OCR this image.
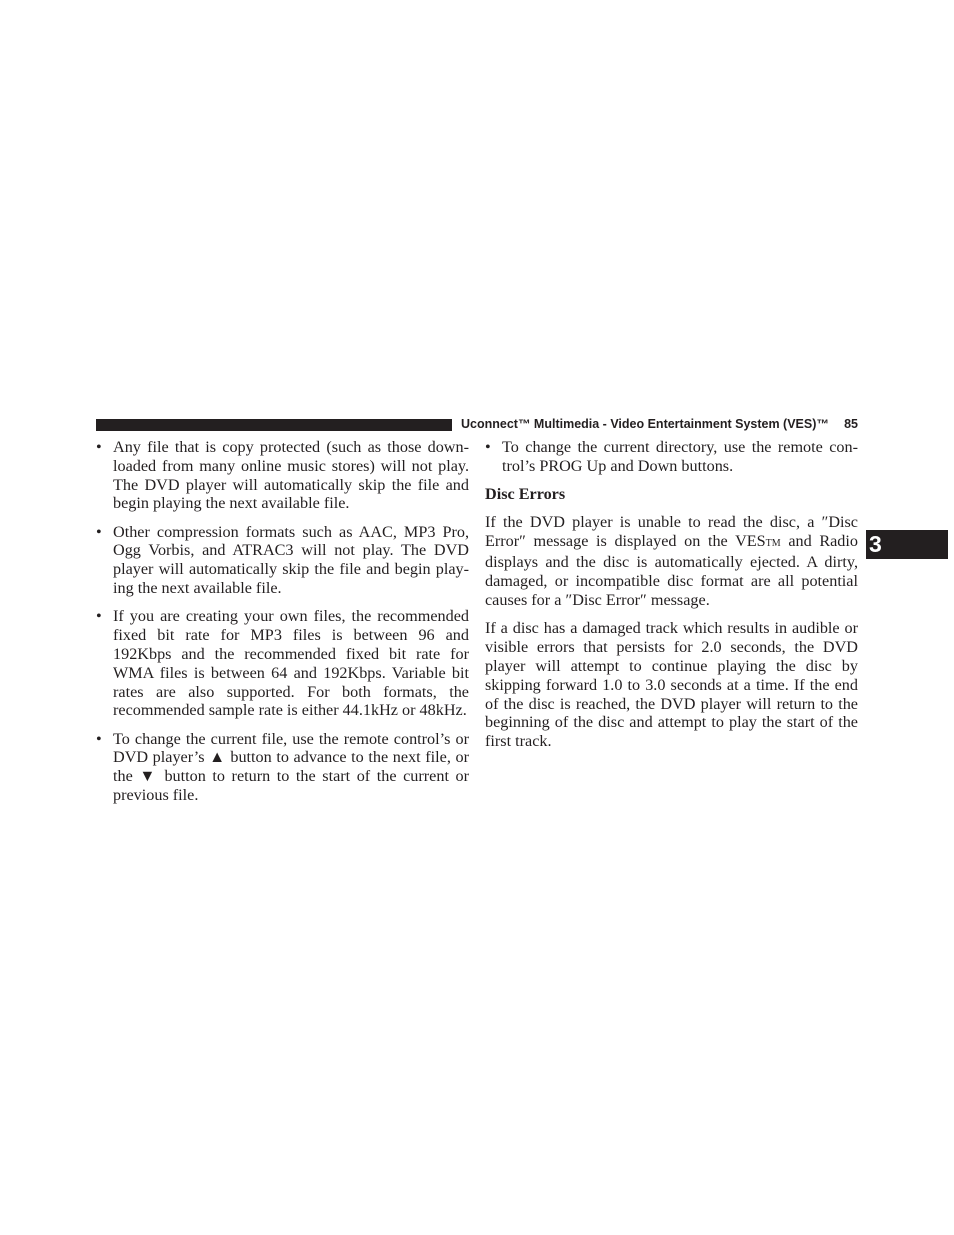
Uconnect™ Multimedia - Video Entertainment System (VES)™ 85
3
• Any file that is copy protected (such as those down-loaded from many online music stores) will not play. The DVD player will automatically skip the file and begin playing the next available file.
• Other compression formats such as AAC, MP3 Pro, Ogg Vorbis, and ATRAC3 will not play. The DVD player will automatically skip the file and begin play-ing the next available file.
• If you are creating your own files, the recommended fixed bit rate for MP3 files is between 96 and 192Kbps and the recommended fixed bit rate for WMA files is between 64 and 192Kbps. Variable bit rates are also supported. For both formats, the recommended sample rate is either 44.1kHz or 48kHz.
• To change the current file, use the remote control’s or DVD player’s ▲ button to advance to the next file, or the ▼ button to return to the start of the current or previous file.
• To change the current directory, use the remote con-trol’s PROG Up and Down buttons.
Disc Errors
If the DVD player is unable to read the disc, a ″Disc Error″ message is displayed on the VESTM and Radio displays and the disc is automatically ejected. A dirty, damaged, or incompatible disc format are all potential causes for a ″Disc Error″ message.
If a disc has a damaged track which results in audible or visible errors that persists for 2.0 seconds, the DVD player will attempt to continue playing the disc by skipping forward 1.0 to 3.0 seconds at a time. If the end of the disc is reached, the DVD player will return to the beginning of the disc and attempt to play the start of the first track.
